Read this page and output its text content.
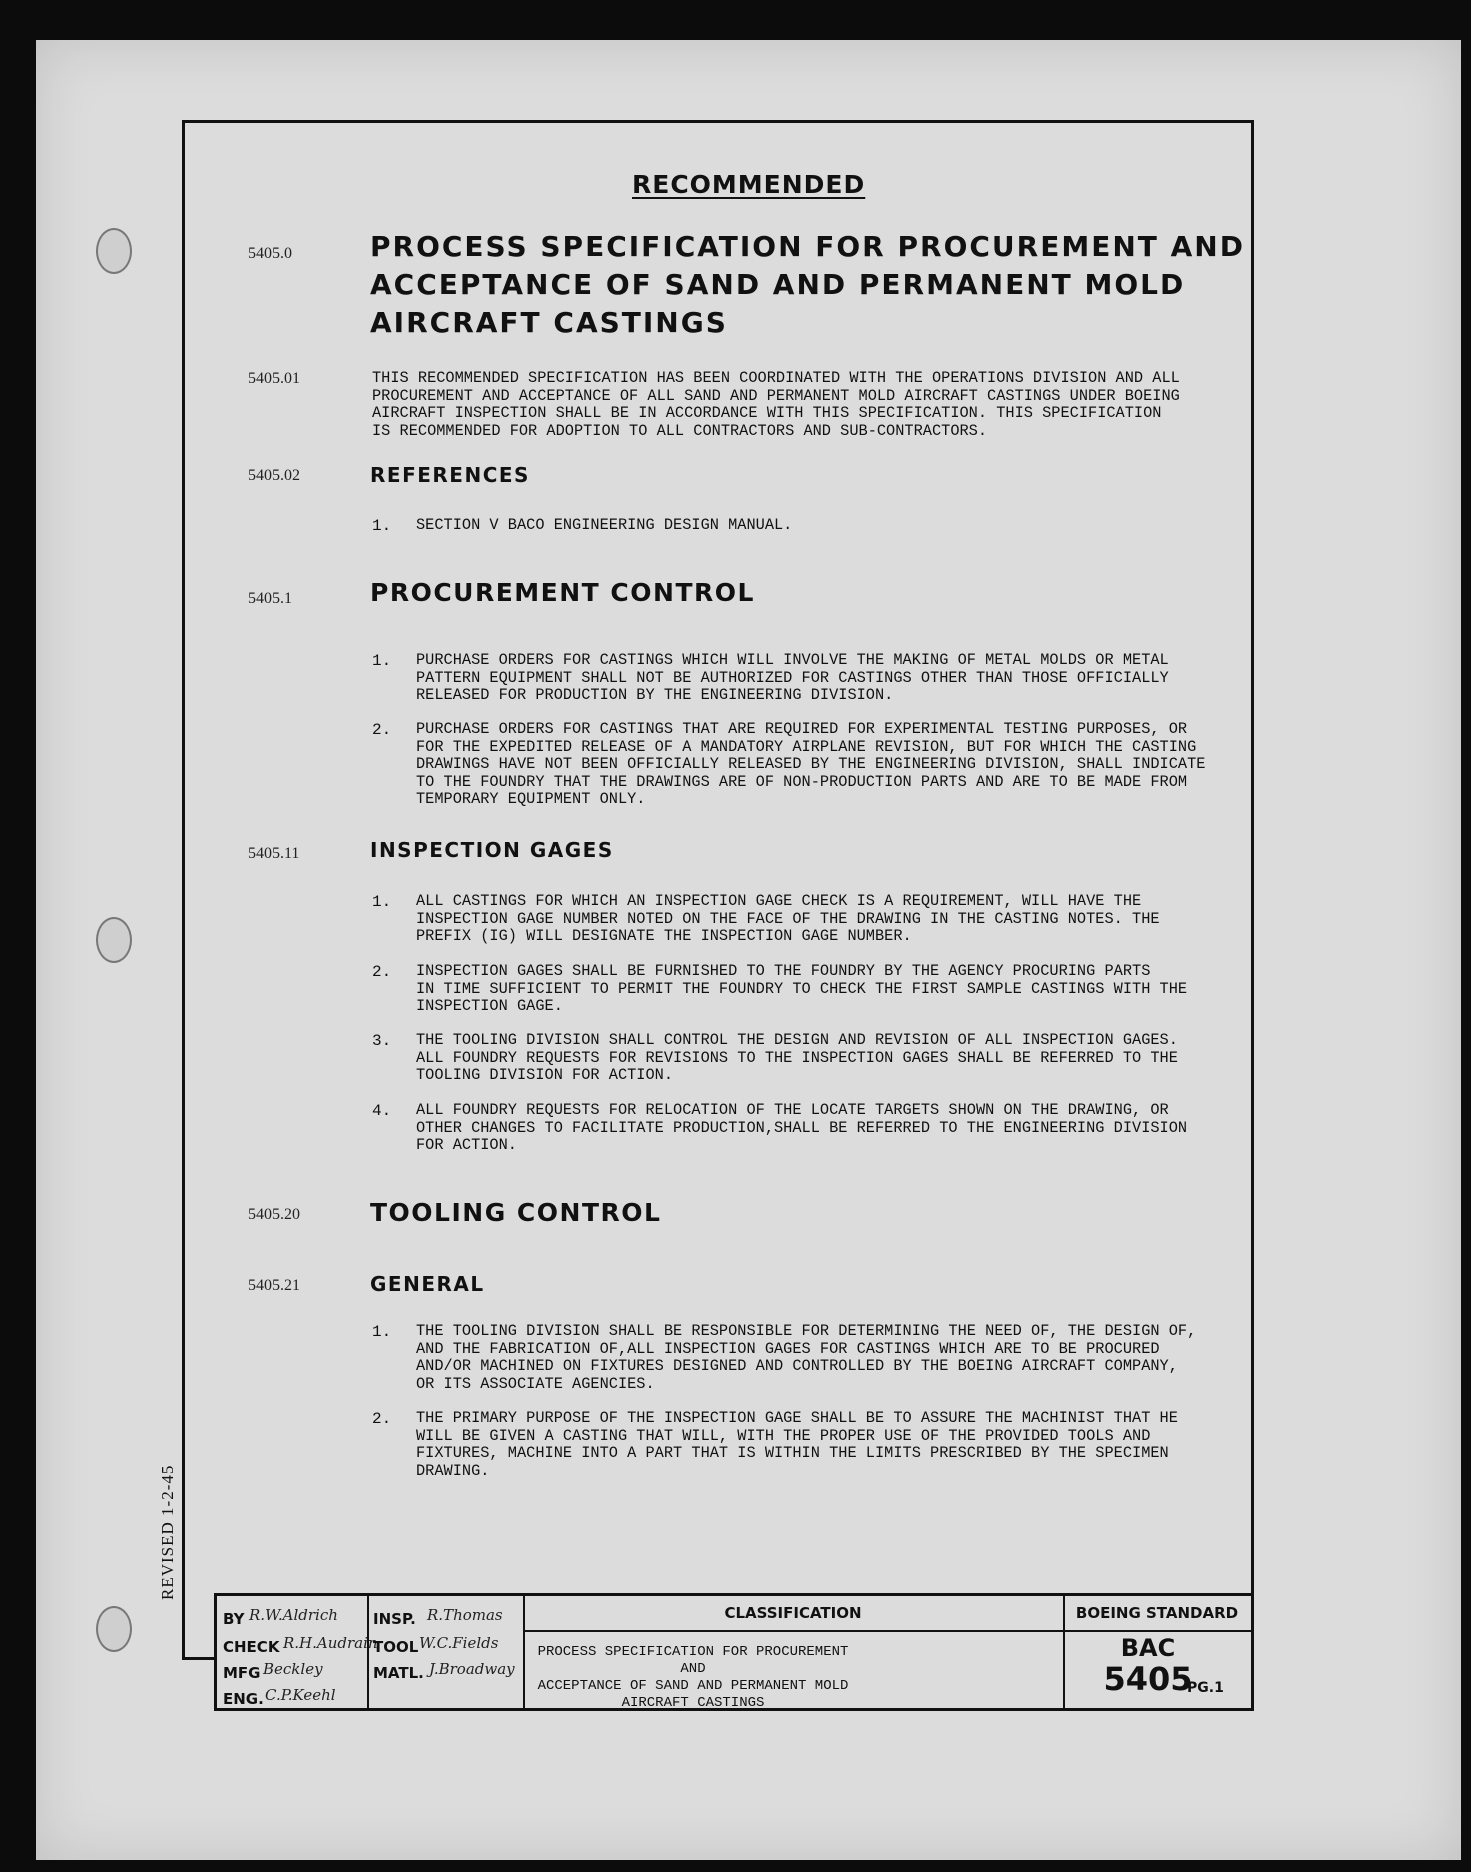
RECOMMENDED
5405.0	PROCESS SPECIFICATION FOR PROCUREMENT AND ACCEPTANCE OF SAND AND PERMANENT MOLD AIRCRAFT CASTINGS
5405.01	THIS RECOMMENDED SPECIFICATION HAS BEEN COORDINATED WITH THE OPERATIONS DIVISION AND ALL
PROCUREMENT AND ACCEPTANCE OF ALL SAND AND PERMANENT MOLD AIRCRAFT CASTINGS UNDER BOEING
AIRCRAFT INSPECTION SHALL BE IN ACCORDANCE WITH THIS SPECIFICATION. THIS SPECIFICATION
IS RECOMMENDED FOR ADOPTION TO ALL CONTRACTORS AND SUB-CONTRACTORS.
5405.02	REFERENCES
1. SECTION V BACO ENGINEERING DESIGN MANUAL.
5405.1	PROCUREMENT CONTROL
1. PURCHASE ORDERS FOR CASTINGS WHICH WILL INVOLVE THE MAKING OF METAL MOLDS OR METAL
PATTERN EQUIPMENT SHALL NOT BE AUTHORIZED FOR CASTINGS OTHER THAN THOSE OFFICIALLY
RELEASED FOR PRODUCTION BY THE ENGINEERING DIVISION.
2. PURCHASE ORDERS FOR CASTINGS THAT ARE REQUIRED FOR EXPERIMENTAL TESTING PURPOSES, OR
FOR THE EXPEDITED RELEASE OF A MANDATORY AIRPLANE REVISION, BUT FOR WHICH THE CASTING
DRAWINGS HAVE NOT BEEN OFFICIALLY RELEASED BY THE ENGINEERING DIVISION, SHALL INDICATE
TO THE FOUNDRY THAT THE DRAWINGS ARE OF NON-PRODUCTION PARTS AND ARE TO BE MADE FROM
TEMPORARY EQUIPMENT ONLY.
5405.11	INSPECTION GAGES
1. ALL CASTINGS FOR WHICH AN INSPECTION GAGE CHECK IS A REQUIREMENT, WILL HAVE THE
INSPECTION GAGE NUMBER NOTED ON THE FACE OF THE DRAWING IN THE CASTING NOTES. THE
PREFIX (IG) WILL DESIGNATE THE INSPECTION GAGE NUMBER.
2. INSPECTION GAGES SHALL BE FURNISHED TO THE FOUNDRY BY THE AGENCY PROCURING PARTS
IN TIME SUFFICIENT TO PERMIT THE FOUNDRY TO CHECK THE FIRST SAMPLE CASTINGS WITH THE
INSPECTION GAGE.
3. THE TOOLING DIVISION SHALL CONTROL THE DESIGN AND REVISION OF ALL INSPECTION GAGES.
ALL FOUNDRY REQUESTS FOR REVISIONS TO THE INSPECTION GAGES SHALL BE REFERRED TO THE
TOOLING DIVISION FOR ACTION.
4. ALL FOUNDRY REQUESTS FOR RELOCATION OF THE LOCATE TARGETS SHOWN ON THE DRAWING, OR
OTHER CHANGES TO FACILITATE PRODUCTION,SHALL BE REFERRED TO THE ENGINEERING DIVISION
FOR ACTION.
5405.20	TOOLING CONTROL
5405.21	GENERAL
1. THE TOOLING DIVISION SHALL BE RESPONSIBLE FOR DETERMINING THE NEED OF, THE DESIGN OF,
AND THE FABRICATION OF,ALL INSPECTION GAGES FOR CASTINGS WHICH ARE TO BE PROCURED
AND/OR MACHINED ON FIXTURES DESIGNED AND CONTROLLED BY THE BOEING AIRCRAFT COMPANY,
OR ITS ASSOCIATE AGENCIES.
2. THE PRIMARY PURPOSE OF THE INSPECTION GAGE SHALL BE TO ASSURE THE MACHINIST THAT HE
WILL BE GIVEN A CASTING THAT WILL, WITH THE PROPER USE OF THE PROVIDED TOOLS AND
FIXTURES, MACHINE INTO A PART THAT IS WITHIN THE LIMITS PRESCRIBED BY THE SPECIMEN
DRAWING.
REVISED 1-2-45
BY R.W.Aldrich
CHECK R.H.Audrain
MFG Beckley
ENG. C.P.Keehl
INSP. R.Thomas
TOOL W.C.Fields
MATL. J.Broadway
CLASSIFICATION
PROCESS SPECIFICATION FOR PROCUREMENT AND
ACCEPTANCE OF SAND AND PERMANENT MOLD
AIRCRAFT CASTINGS
BOEING STANDARD
BAC
5405
PG.1
